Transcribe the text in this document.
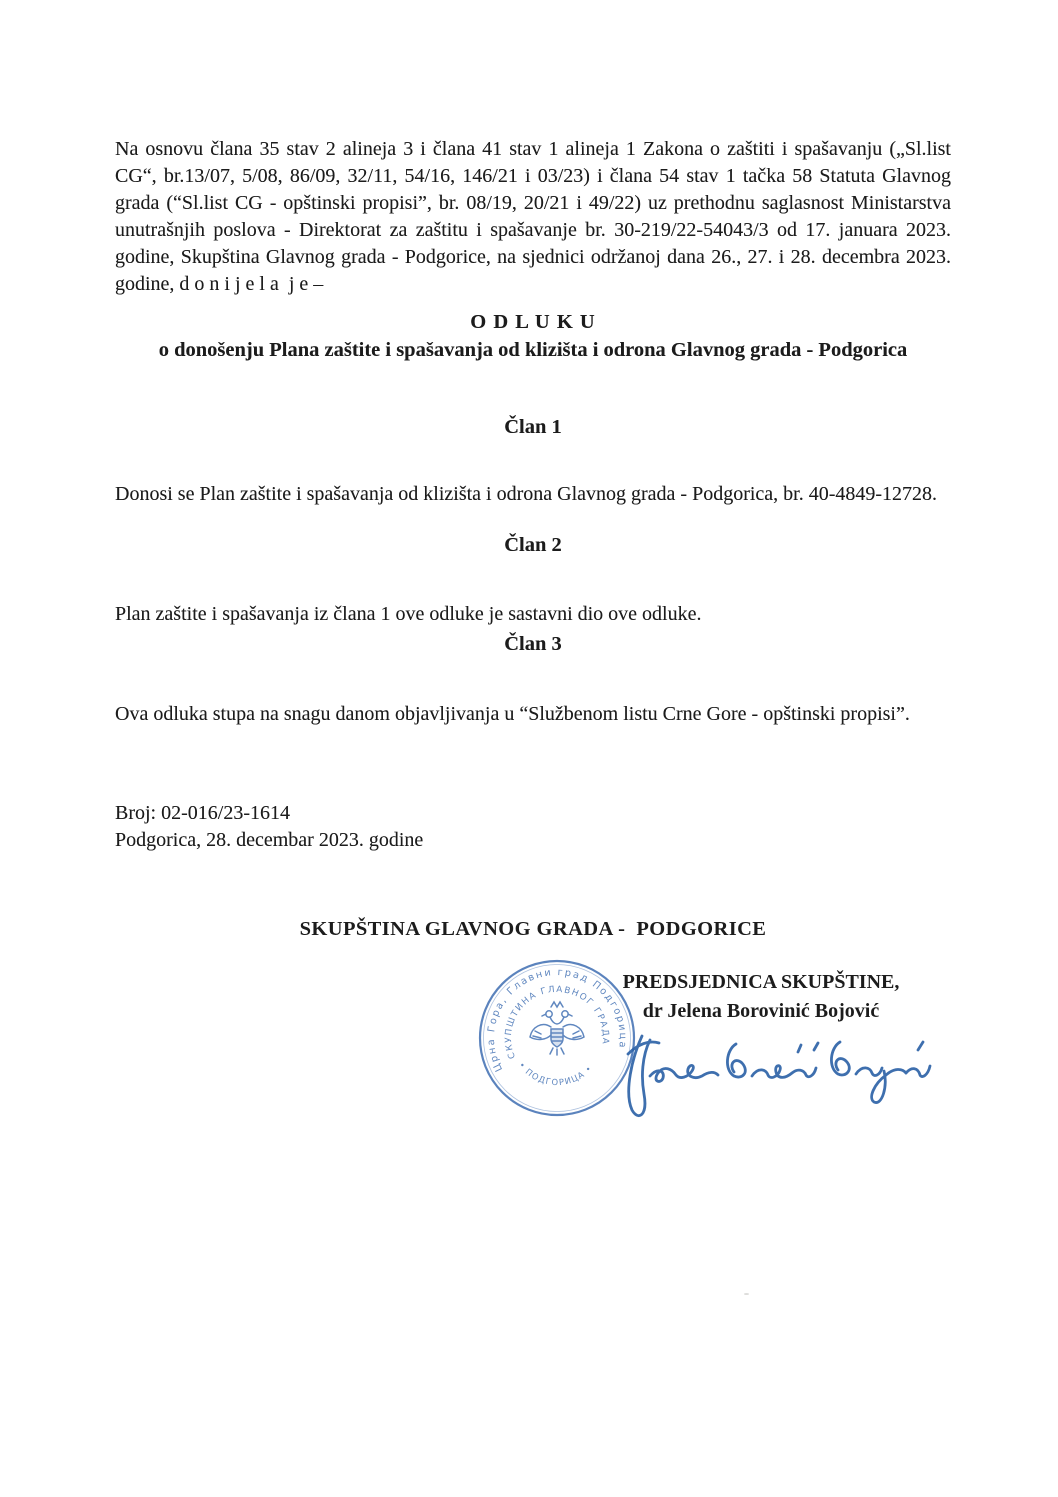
Na osnovu člana 35 stav 2 alineja 3 i člana 41 stav 1 alineja 1 Zakona o zaštiti i spašavanju („Sl.list CG“, br.13/07, 5/08, 86/09, 32/11, 54/16, 146/21 i 03/23) i člana 54 stav 1 tačka 58 Statuta Glavnog grada (“Sl.list CG - opštinski propisi”, br. 08/19, 20/21 i 49/22) uz prethodnu saglasnost Ministarstva unutrašnjih poslova - Direktorat za zaštitu i spašavanje br. 30-219/22-54043/3 od 17. januara 2023. godine, Skupština Glavnog grada - Podgorice, na sjednici održanoj dana 26., 27. i 28. decembra 2023. godine, d o n i j e l a  j e –

O D L U K U
o donošenju Plana zaštite i spašavanja od klizišta i odrona Glavnog grada - Podgorica
Član 1

Donosi se Plan zaštite i spašavanja od klizišta i odrona Glavnog grada - Podgorica, br. 40-4849-12728.

Član 2

Plan zaštite i spašavanja iz člana 1 ove odluke je sastavni dio ove odluke.

Član 3

Ova odluka stupa na snagu danom objavljivanja u “Službenom listu Crne Gore - opštinski propisi”.

Broj: 02-016/23-1614
Podgorica, 28. decembar 2023. godine
SKUPŠTINA GLAVNOG GRADA -  PODGORICE
Црна Гора, Главни град Подгорица
СКУПШТИНА ГЛАВНОГ ГРАДА
• ПОДГОРИЦА •
PREDSJEDNICA SKUPŠTINE,
dr Jelena Borovinić Bojović
